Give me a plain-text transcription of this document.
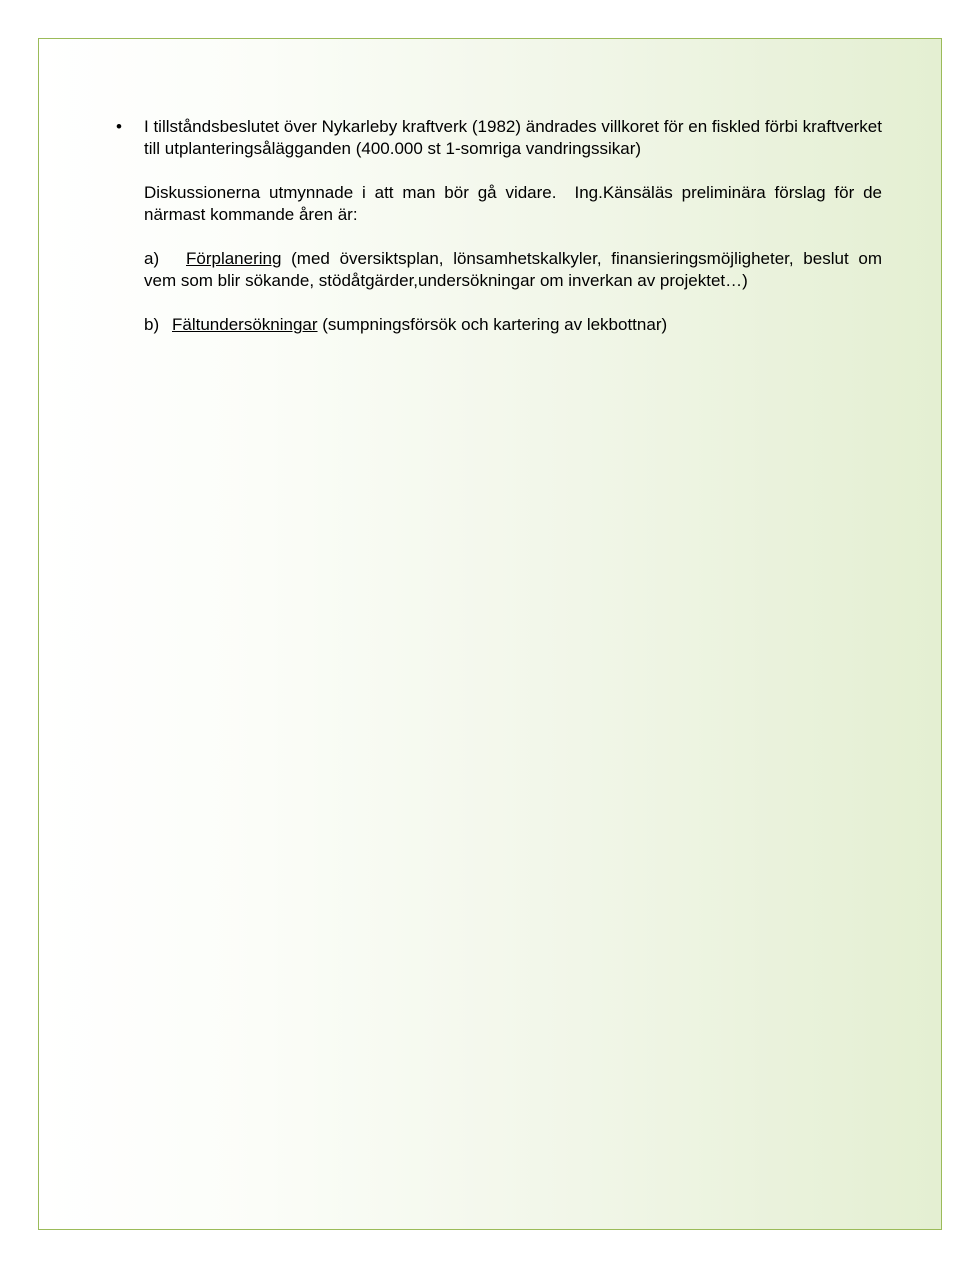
• I tillståndsbeslutet över Nykarleby kraftverk (1982) ändrades villkoret för en fiskled förbi kraftverket till utplanteringsålägganden (400.000 st 1-somriga vandringssikar)
Diskussionerna utmynnade i att man bör gå vidare. Ing.Känsäläs preliminära förslag för de närmast kommande åren är:
a) Förplanering (med översiktsplan, lönsamhetskalkyler, finansieringsmöjligheter, beslut om vem som blir sökande, stödåtgärder,undersökningar om inverkan av projektet…)
b) Fältundersökningar (sumpningsförsök och kartering av lekbottnar)
